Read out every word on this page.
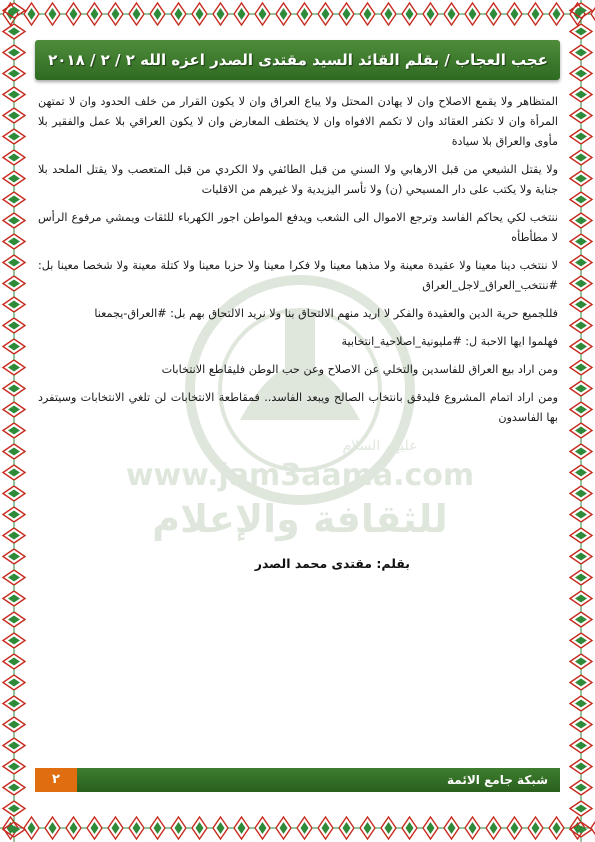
www.jam3aama.com
للثقافة والإعلام
عليهم السلام
عجب العجاب / بقلم القائد السيد مقتدى الصدر اعزه الله ٢ / ٢ / ٢٠١٨

المتظاهر ولا يقمع الاصلاح وان لا يهادن المحتل ولا يباع العراق وان لا يكون القرار من خلف الحدود وان لا تمتهن المرأة وان لا تكفر العقائد وان لا تكمم الافواه وان لا يختطف المعارض وان لا يكون العراقي بلا عمل والفقير بلا مأوى والعراق بلا سيادة

ولا يقتل الشيعي من قبل الارهابي ولا السني من قبل الطائفي ولا الكردي من قبل المتعصب ولا يقتل الملحد بلا جناية ولا يكتب على دار المسيحي (ن) ولا تأسر اليزيدية ولا غيرهم من الاقليات

ننتخب لكي يحاكم الفاسد وترجع الاموال الى الشعب ويدفع المواطن اجور الكهرباء للثقات ويمشي مرفوع الرأس لا مطأطأه

لا ننتخب دينا معينا ولا عقيدة معينة ولا مذهبا معينا ولا فكرا معينا ولا حزبا معينا ولا كتلة معينة ولا شخصا معينا بل: #ننتخب_العراق_لاجل_العراق

فللجميع حرية الدين والعقيدة والفكر لا اريد منهم الالتحاق بنا ولا نريد الالتحاق بهم بل: #العراق-يجمعنا

فهلموا ايها الاحبة ل: #مليونية_اصلاحية_انتخابية

ومن اراد بيع العراق للفاسدين والتخلي عن الاصلاح وعن حب الوطن فليقاطع الانتخابات

ومن اراد اتمام المشروع فليدقق بانتخاب الصالح ويبعد الفاسد.. فمقاطعة الانتخابات لن تلغي الانتخابات وسيتفرد بها الفاسدون

بقلم: مقتدى محمد الصدر
شبكة جامع الائمة
٢
